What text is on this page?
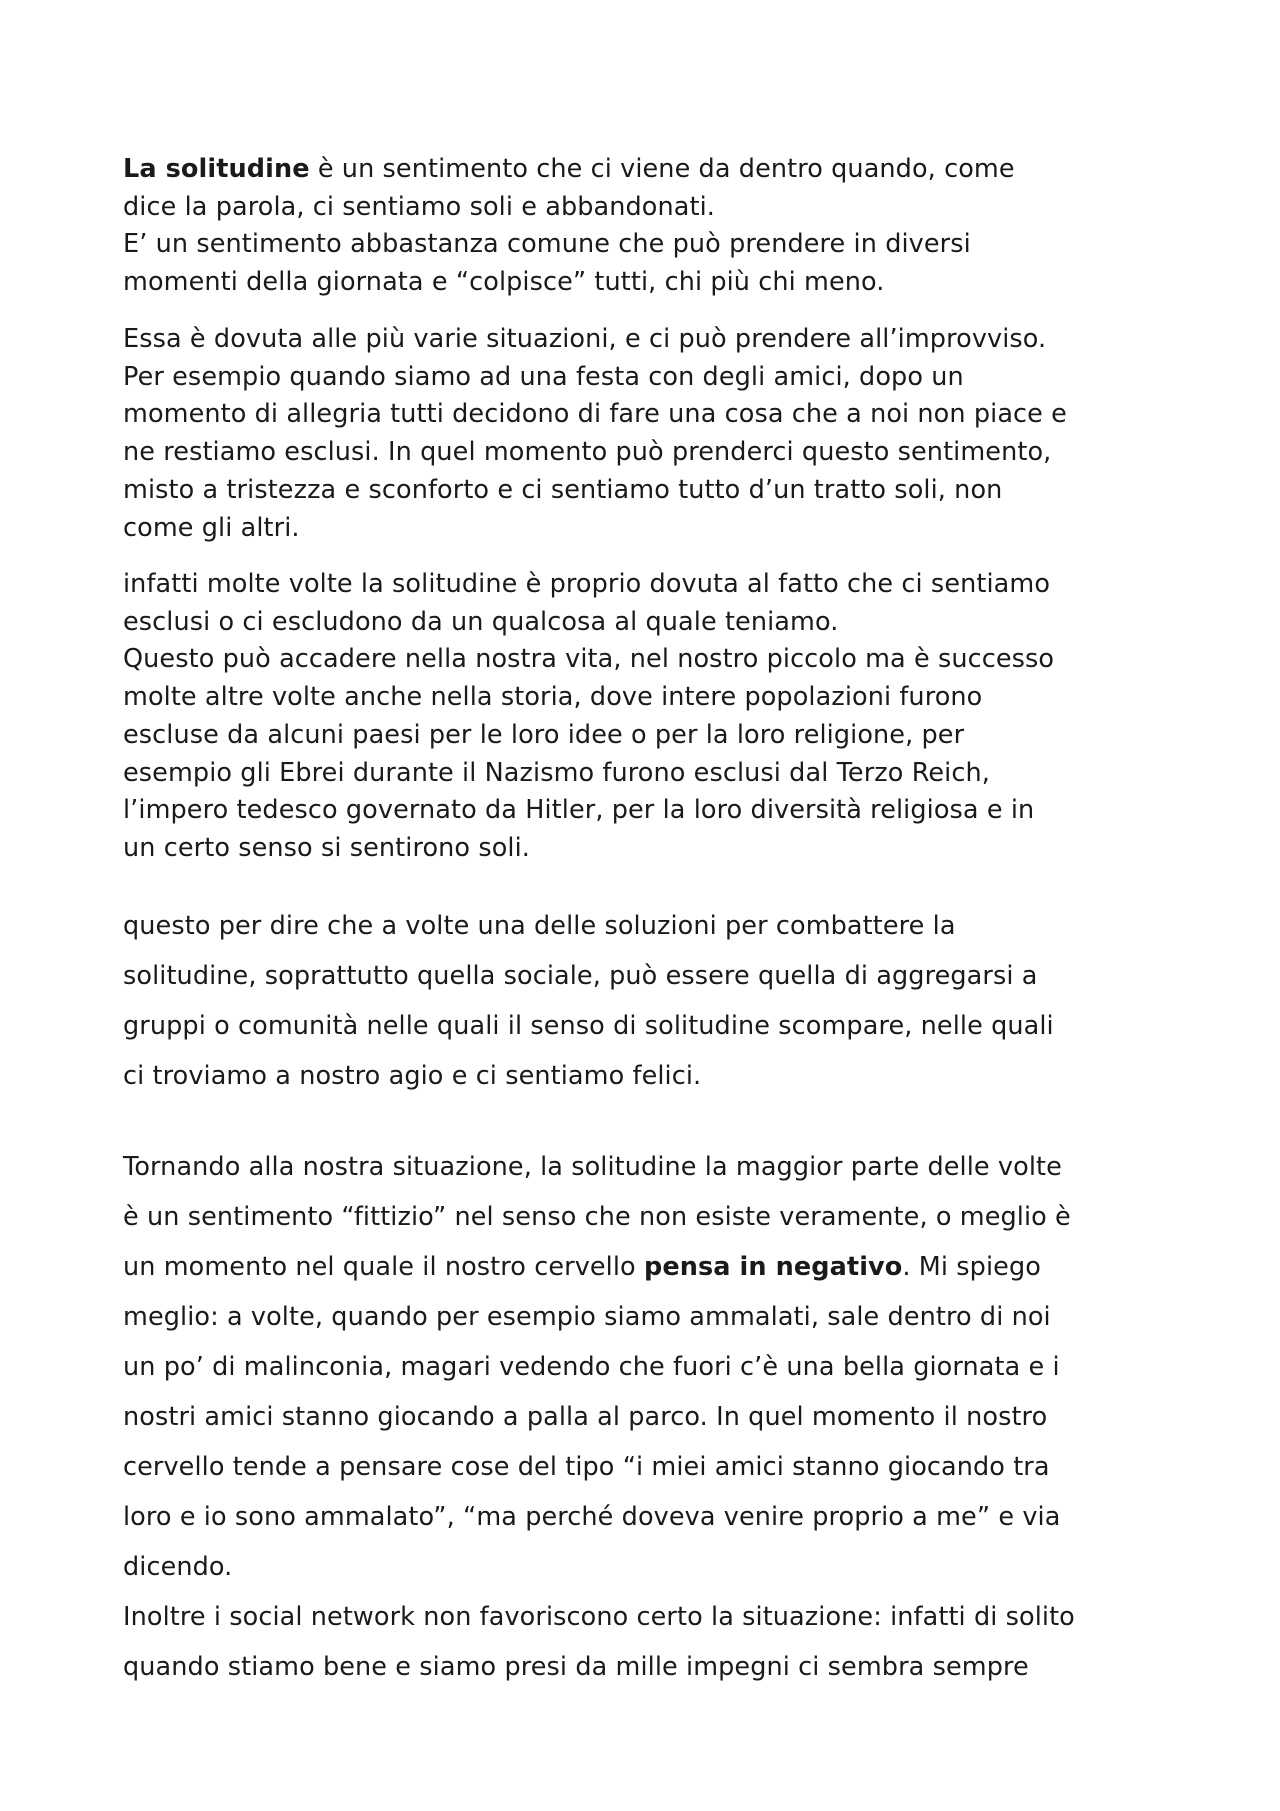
La solitudine è un sentimento che ci viene da dentro quando, come
dice la parola, ci sentiamo soli e abbandonati.
E’ un sentimento abbastanza comune che può prendere in diversi
momenti della giornata e “colpisce” tutti, chi più chi meno.
Essa è dovuta alle più varie situazioni, e ci può prendere all’improvviso.
Per esempio quando siamo ad una festa con degli amici, dopo un
momento di allegria tutti decidono di fare una cosa che a noi non piace e
ne restiamo esclusi. In quel momento può prenderci questo sentimento,
misto a tristezza e sconforto e ci sentiamo tutto d’un tratto soli, non
come gli altri.
infatti molte volte la solitudine è proprio dovuta al fatto che ci sentiamo
esclusi o ci escludono da un qualcosa al quale teniamo.
Questo può accadere nella nostra vita, nel nostro piccolo ma è successo
molte altre volte anche nella storia, dove intere popolazioni furono
escluse da alcuni paesi per le loro idee o per la loro religione, per
esempio gli Ebrei durante il Nazismo furono esclusi dal Terzo Reich,
l’impero tedesco governato da Hitler, per la loro diversità religiosa e in
un certo senso si sentirono soli.
questo per dire che a volte una delle soluzioni per combattere la
solitudine, soprattutto quella sociale, può essere quella di aggregarsi a
gruppi o comunità nelle quali il senso di solitudine scompare, nelle quali
ci troviamo a nostro agio e ci sentiamo felici.
Tornando alla nostra situazione, la solitudine la maggior parte delle volte
è un sentimento “fittizio” nel senso che non esiste veramente, o meglio è
un momento nel quale il nostro cervello pensa in negativo. Mi spiego
meglio: a volte, quando per esempio siamo ammalati, sale dentro di noi
un po’ di malinconia, magari vedendo che fuori c’è una bella giornata e i
nostri amici stanno giocando a palla al parco. In quel momento il nostro
cervello tende a pensare cose del tipo “i miei amici stanno giocando tra
loro e io sono ammalato”, “ma perché doveva venire proprio a me” e via
dicendo.
Inoltre i social network non favoriscono certo la situazione: infatti di solito
quando stiamo bene e siamo presi da mille impegni ci sembra sempre
